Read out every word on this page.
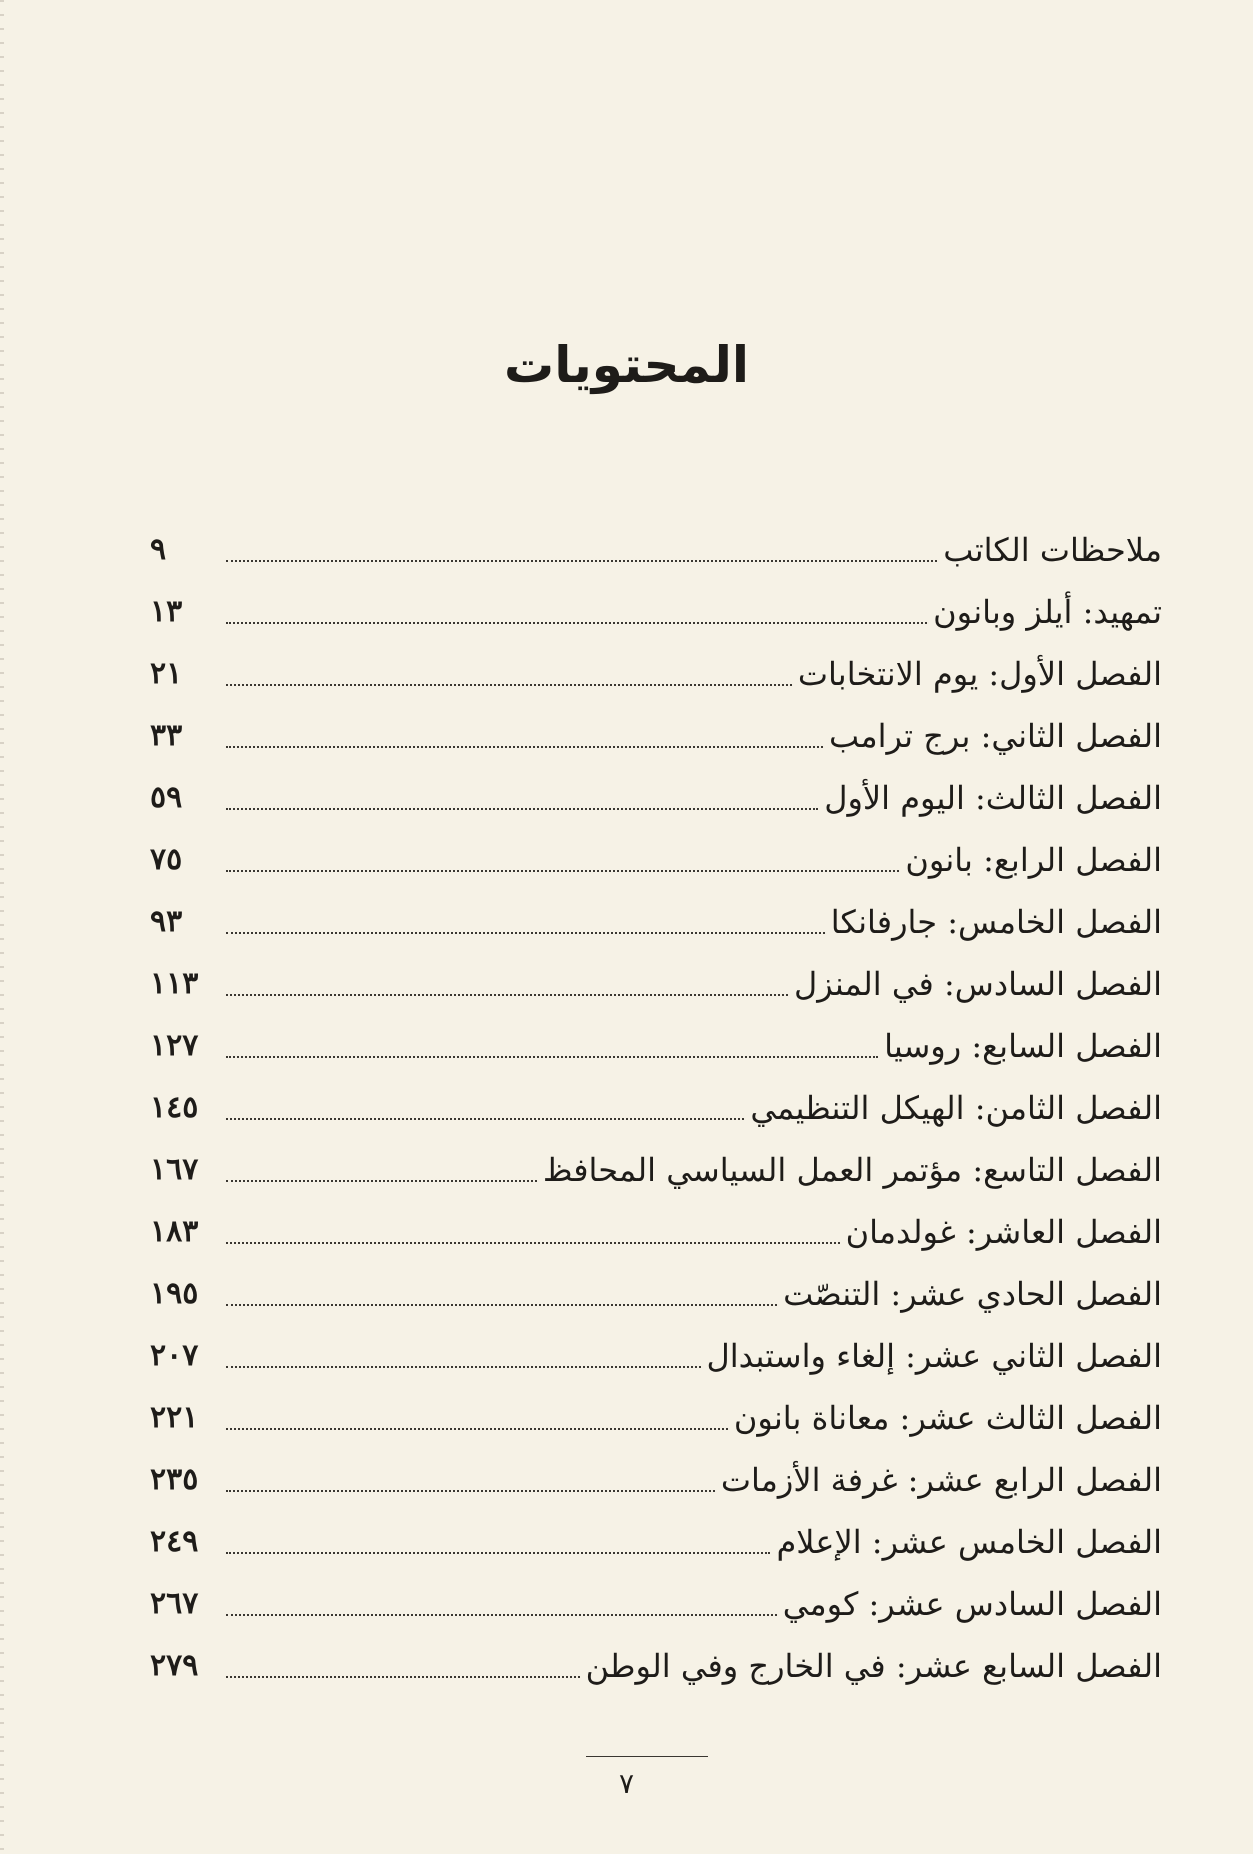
المحتويات
ملاحظات الكاتب
٩
تمهيد: أيلز وبانون
١٣
الفصل الأول: يوم الانتخابات
٢١
الفصل الثاني: برج ترامب
٣٣
الفصل الثالث: اليوم الأول
٥٩
الفصل الرابع: بانون
٧٥
الفصل الخامس: جارفانكا
٩٣
الفصل السادس: في المنزل
١١٣
الفصل السابع: روسيا
١٢٧
الفصل الثامن: الهيكل التنظيمي
١٤٥
الفصل التاسع: مؤتمر العمل السياسي المحافظ
١٦٧
الفصل العاشر: غولدمان
١٨٣
الفصل الحادي عشر: التنصّت
١٩٥
الفصل الثاني عشر: إلغاء واستبدال
٢٠٧
الفصل الثالث عشر: معاناة بانون
٢٢١
الفصل الرابع عشر: غرفة الأزمات
٢٣٥
الفصل الخامس عشر: الإعلام
٢٤٩
الفصل السادس عشر: كومي
٢٦٧
الفصل السابع عشر: في الخارج وفي الوطن
٢٧٩
٧
